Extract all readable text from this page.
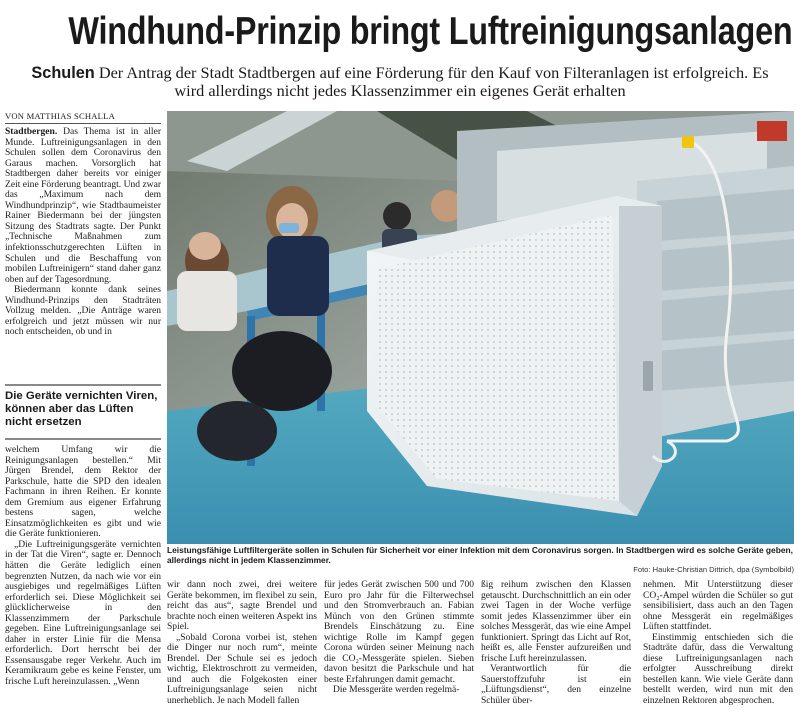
Windhund-Prinzip bringt Luftreinigungsanlagen
Schulen Der Antrag der Stadt Stadtbergen auf eine Förderung für den Kauf von Filteranlagen ist erfolgreich. Es wird allerdings nicht jedes Klassenzimmer ein eigenes Gerät erhalten
VON MATTHIAS SCHALLA

Stadtbergen. Das Thema ist in aller Munde. Luftreinigungsanlagen in den Schulen sollen dem Coronavirus den Garaus machen. Vorsorglich hat Stadtbergen daher bereits vor einiger Zeit eine Förderung beantragt. Und zwar das „Maximum nach dem Windhundprinzip“, wie Stadtbaumeister Rainer Biedermann bei der jüngsten Sitzung des Stadtrats sagte. Der Punkt „Technische Maßnahmen zum infektionsschutzgerechten Lüften in Schulen und die Beschaffung von mobilen Luftreinigern“ stand daher ganz oben auf der Tagesordnung.

Biedermann konnte dank seines Windhund-Prinzips den Stadträten Vollzug melden. „Die Anträge waren erfolgreich und jetzt müssen wir nur noch entscheiden, ob und in

Die Geräte vernichten Viren, können aber das Lüften nicht ersetzen

welchem Umfang wir die Reinigungsanlagen bestellen.“ Mit Jürgen Brendel, dem Rektor der Parkschule, hatte die SPD den idealen Fachmann in ihren Reihen. Er konnte dem Gremium aus eigener Erfahrung bestens sagen, welche Einsatzmöglichkeiten es gibt und wie die Geräte funktionieren.

„Die Luftreinigungsgeräte vernichten in der Tat die Viren“, sagte er. Dennoch hätten die Geräte lediglich einen begrenzten Nutzen, da nach wie vor ein ausgiebiges und regelmäßiges Lüften erforderlich sei. Diese Möglichkeit sei glücklicherweise in den Klassenzimmern der Parkschule gegeben. Eine Luftreinigungsanlage sei daher in erster Linie für die Mensa erforderlich. Dort herrscht bei der Essensausgabe reger Verkehr. Auch im Keramikraum gebe es keine Fenster, um frische Luft hereinzulassen. „Wenn

Leistungsfähige Luftfiltergeräte sollen in Schulen für Sicherheit vor einer Infektion mit dem Coronavirus sorgen. In Stadtbergen wird es solche Geräte geben, allerdings nicht in jedem Klassenzimmer.
Foto: Hauke-Christian Dittrich, dpa (Symbolbild)

wir dann noch zwei, drei weitere Geräte bekommen, im flexibel zu sein, reicht das aus“, sagte Brendel und brachte noch einen weiteren Aspekt ins Spiel.

„Sobald Corona vorbei ist, stehen die Dinger nur noch rum“, meinte Brendel. Der Schule sei es jedoch wichtig, Elektroschrott zu vermeiden, und auch die Folgekosten einer Luftreinigungsanlage seien nicht unerheblich. Je nach Modell fallen

für jedes Gerät zwischen 500 und 700 Euro pro Jahr für die Filterwechsel und den Stromverbrauch an. Fabian Münch von den Grünen stimmte Brendels Einschätzung zu. Eine wichtige Rolle im Kampf gegen Corona würden seiner Meinung nach die CO₂-Messgeräte spielen. Sieben davon besitzt die Parkschule und hat beste Erfahrungen damit gemacht.

Die Messgeräte werden regelmä-

ßig reihum zwischen den Klassen getauscht. Durchschnittlich an ein oder zwei Tagen in der Woche verfüge somit jedes Klassenzimmer über ein solches Messgerät, das wie eine Ampel funktioniert. Springt das Licht auf Rot, heißt es, alle Fenster aufzureißen und frische Luft hereinzulassen.

Verantwortlich für die Sauerstoffzufuhr ist ein „Lüftungsdienst“, den einzelne Schüler über-

nehmen. Mit Unterstützung dieser CO₂-Ampel würden die Schüler so gut sensibilisiert, dass auch an den Tagen ohne Messgerät ein regelmäßiges Lüften stattfindet.

Einstimmig entschieden sich die Stadträte dafür, dass die Verwaltung diese Luftreinigungsanlagen nach erfolgter Ausschreibung direkt bestellen kann. Wie viele Geräte dann bestellt werden, wird nun mit den einzelnen Rektoren abgesprochen.
